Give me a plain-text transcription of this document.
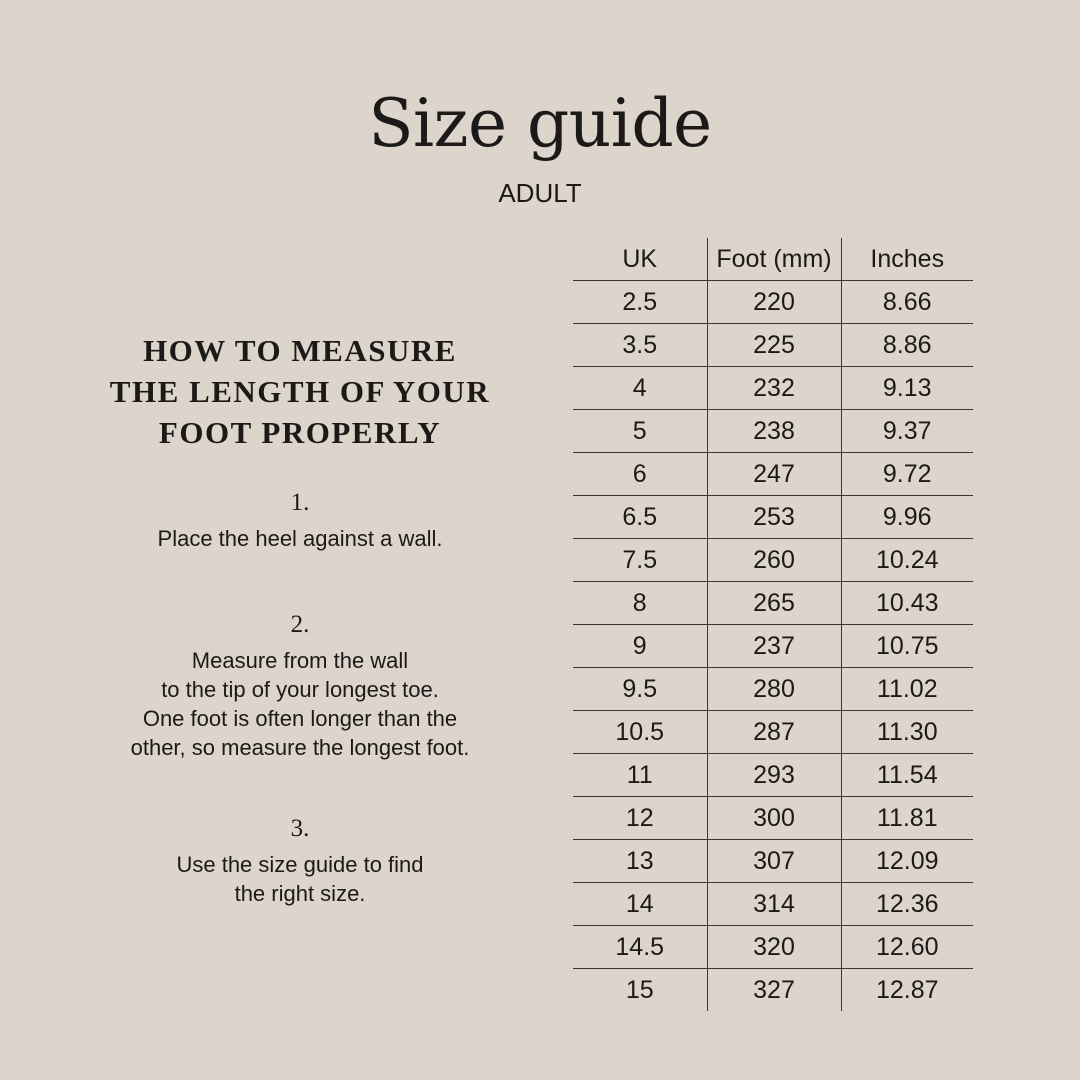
Size guide
ADULT
HOW TO MEASURE
THE LENGTH OF YOUR
FOOT PROPERLY
1.
Place the heel against a wall.
2.
Measure from the wall
to the tip of your longest toe.
One foot is often longer than the
other, so measure the longest foot.
3.
Use the size guide to find
the right size.
UK	Foot (mm)	Inches
2.5	220	8.66
3.5	225	8.86
4	232	9.13
5	238	9.37
6	247	9.72
6.5	253	9.96
7.5	260	10.24
8	265	10.43
9	237	10.75
9.5	280	11.02
10.5	287	11.30
11	293	11.54
12	300	11.81
13	307	12.09
14	314	12.36
14.5	320	12.60
15	327	12.87
